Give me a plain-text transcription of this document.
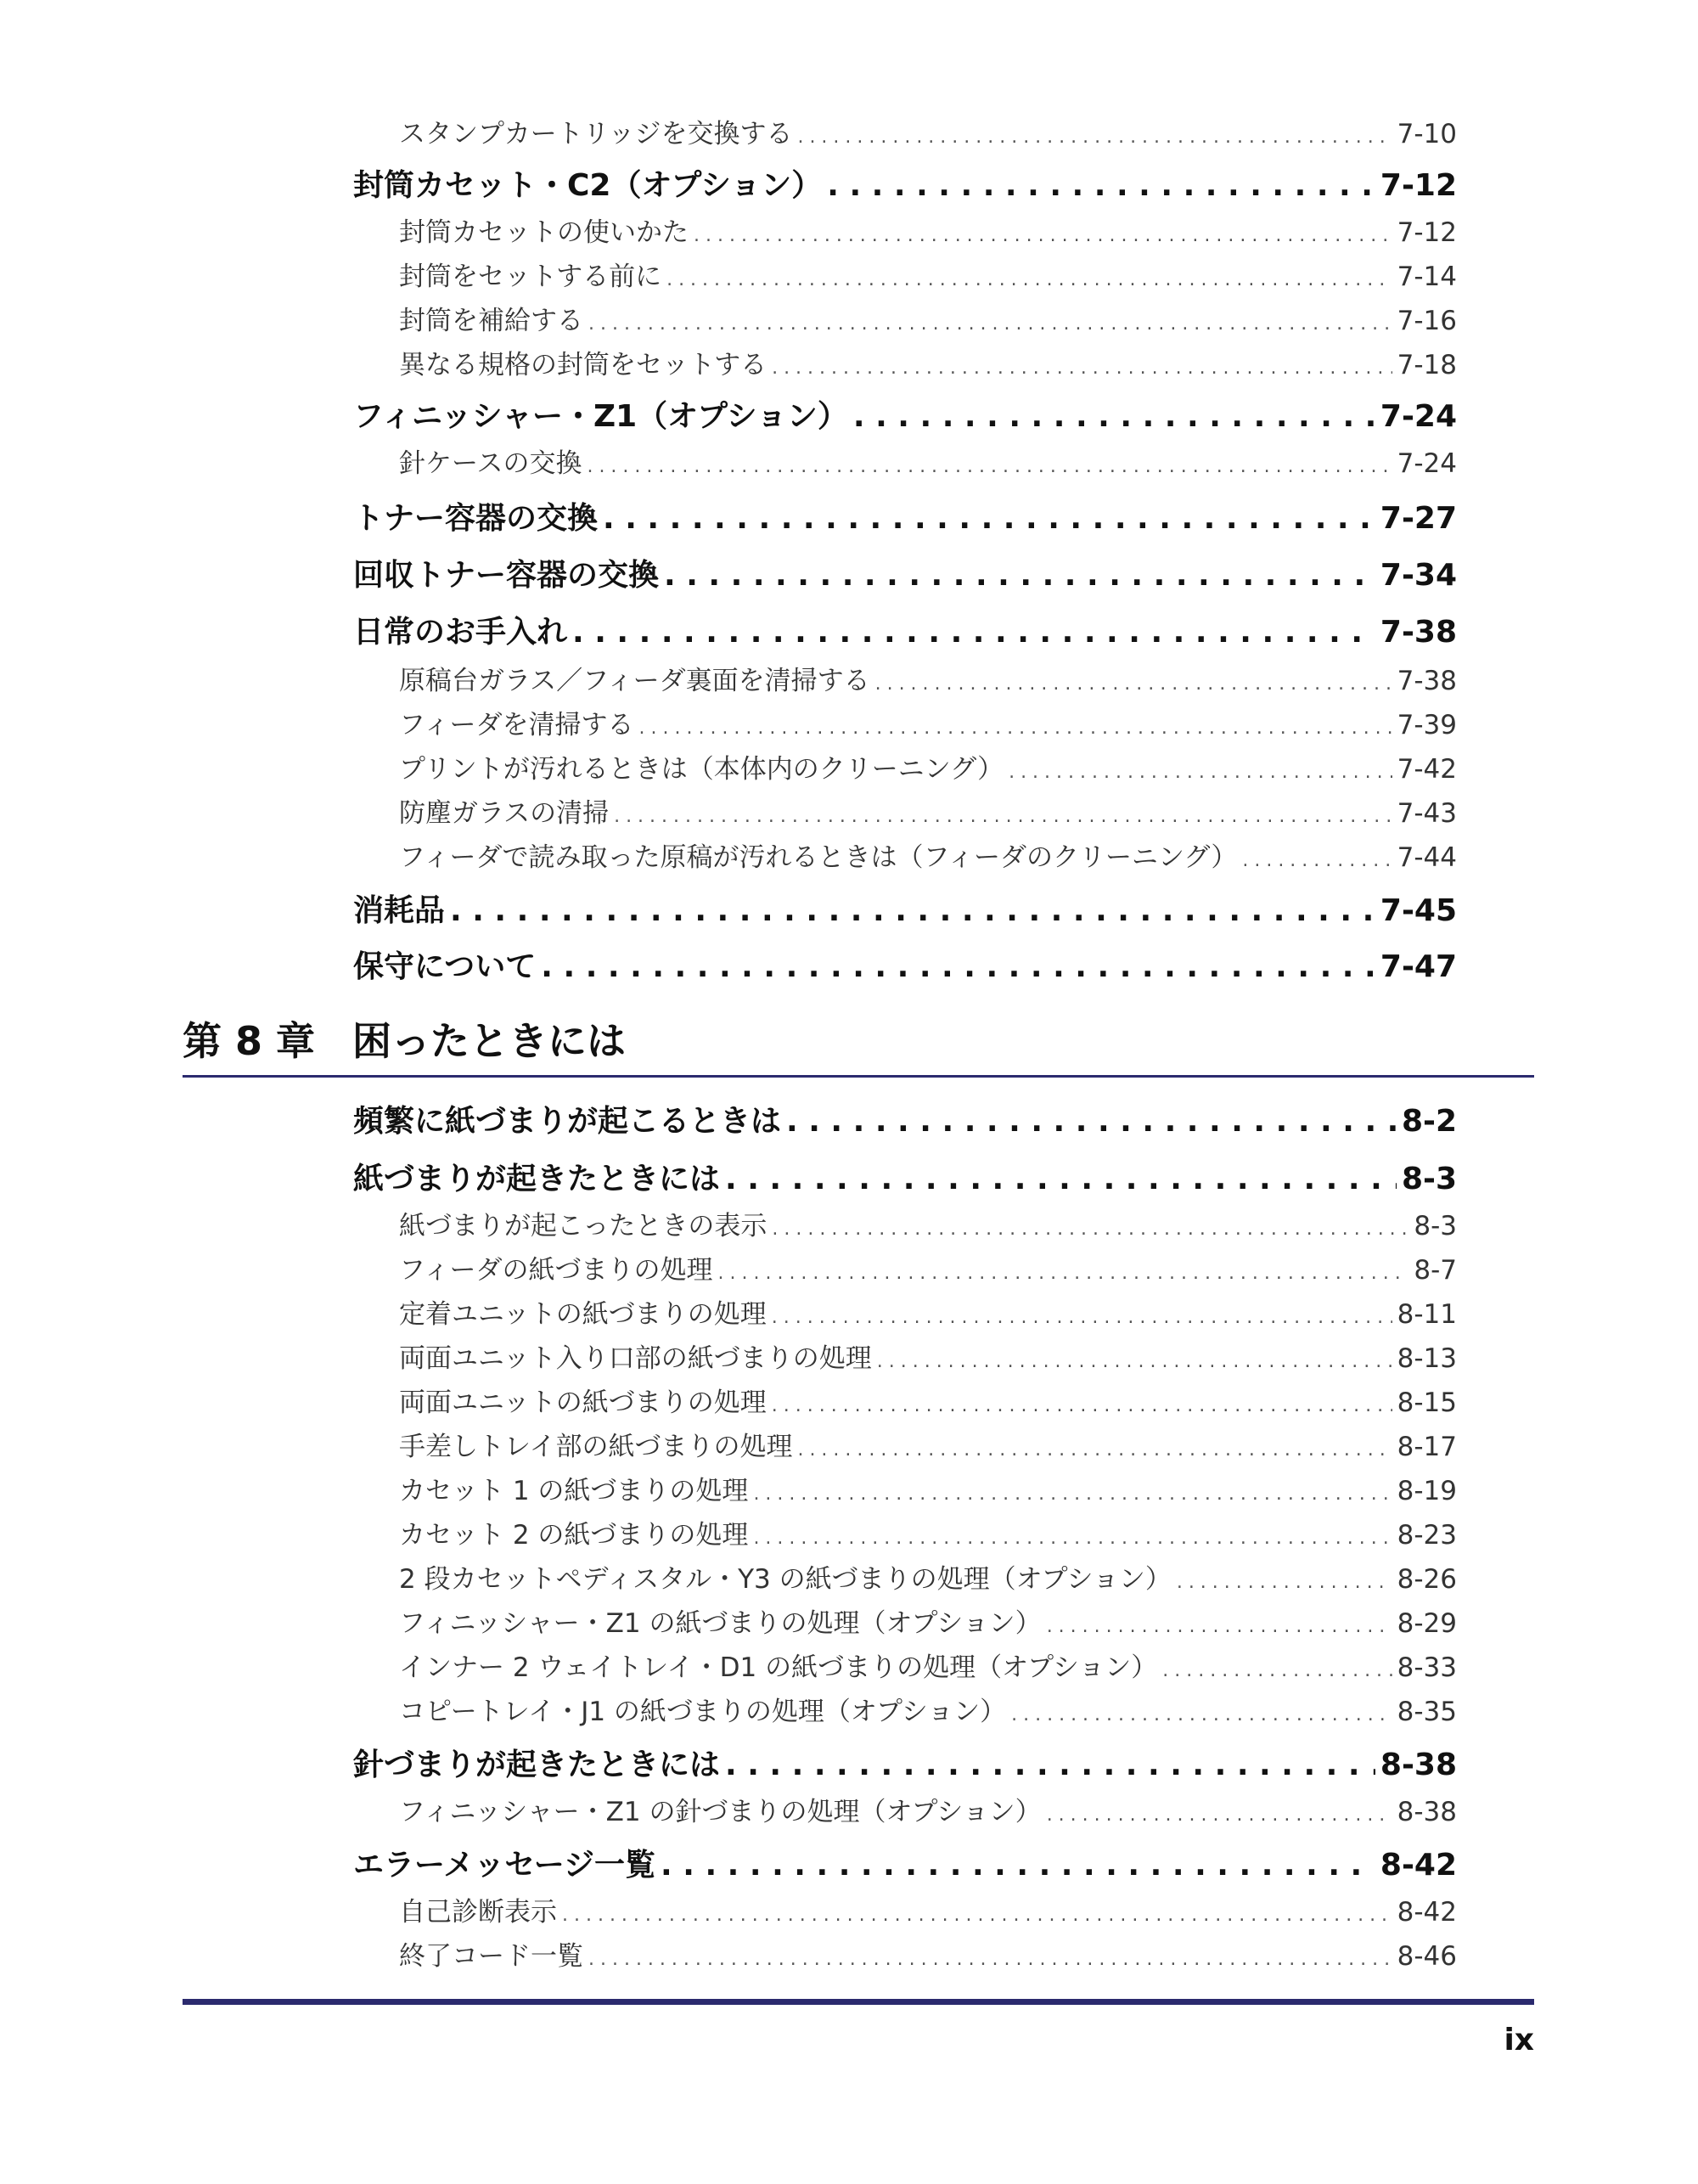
スタンプカートリッジを交換する . . .	7-10
封筒カセット・C2（オプション） . . .	7-12
封筒カセットの使いかた . . .	7-12
封筒をセットする前に . . .	7-14
封筒を補給する . . .	7-16
異なる規格の封筒をセットする . . .	7-18
フィニッシャー・Z1（オプション） . . .	7-24
針ケースの交換 . . .	7-24
トナー容器の交換 . . .	7-27
回収トナー容器の交換 . . .	7-34
日常のお手入れ . . .	7-38
原稿台ガラス／フィーダ裏面を清掃する . . .	7-38
フィーダを清掃する . . .	7-39
プリントが汚れるときは（本体内のクリーニング） . . .	7-42
防塵ガラスの清掃 . . .	7-43
フィーダで読み取った原稿が汚れるときは（フィーダのクリーニング） . . .	7-44
消耗品 . . .	7-45
保守について . . .	7-47
第 8 章 困ったときには
頻繁に紙づまりが起こるときは . . .	8-2
紙づまりが起きたときには . . .	8-3
紙づまりが起こったときの表示 . . .	8-3
フィーダの紙づまりの処理 . . .	8-7
定着ユニットの紙づまりの処理 . . .	8-11
両面ユニット入り口部の紙づまりの処理 . . .	8-13
両面ユニットの紙づまりの処理 . . .	8-15
手差しトレイ部の紙づまりの処理 . . .	8-17
カセット 1 の紙づまりの処理 . . .	8-19
カセット 2 の紙づまりの処理 . . .	8-23
2 段カセットペディスタル・Y3 の紙づまりの処理（オプション） . . .	8-26
フィニッシャー・Z1 の紙づまりの処理（オプション） . . .	8-29
インナー 2 ウェイトレイ・D1 の紙づまりの処理（オプション） . . .	8-33
コピートレイ・J1 の紙づまりの処理（オプション） . . .	8-35
針づまりが起きたときには . . .	8-38
フィニッシャー・Z1 の針づまりの処理（オプション） . . .	8-38
エラーメッセージ一覧 . . .	8-42
自己診断表示 . . .	8-42
終了コード一覧 . . .	8-46
ix
